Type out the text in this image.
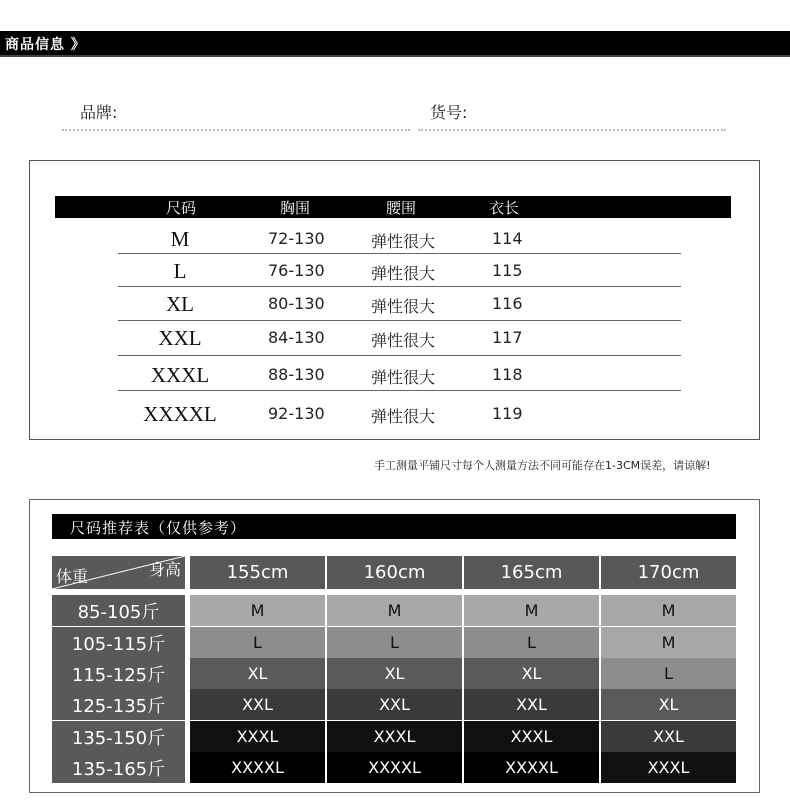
商品信息 》
品牌:	货号:
尺码	胸围	腰围	衣长
M	72-130	弹性很大	114
L	76-130	弹性很大	115
XL	80-130	弹性很大	116
XXL	84-130	弹性很大	117
XXXL	88-130	弹性很大	118
XXXXL	92-130	弹性很大	119
手工测量平铺尺寸每个人测量方法不同可能存在1-3CM误差，请谅解!
尺码推荐表（仅供参考）
身高
体重	155cm	160cm	165cm	170cm
85-105斤	M	M	M	M
105-115斤	L	L	L	M
115-125斤	XL	XL	XL	L
125-135斤	XXL	XXL	XXL	XL
135-150斤	XXXL	XXXL	XXXL	XXL
135-165斤	XXXXL	XXXXL	XXXXL	XXXL
